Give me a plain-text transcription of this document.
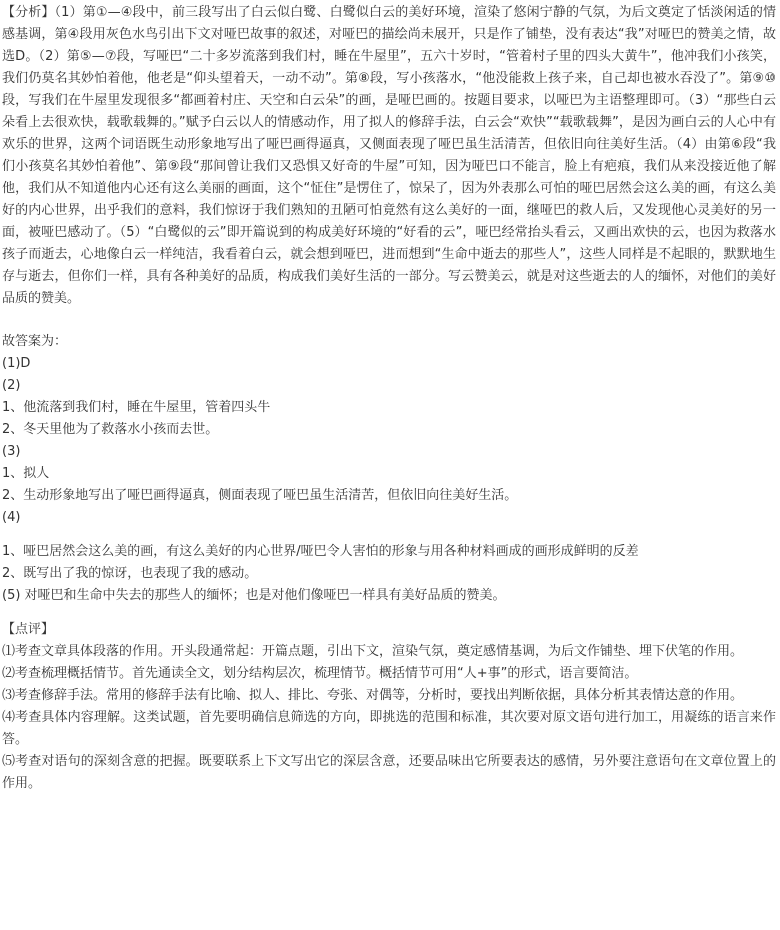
【分析】（1）第①—④段中，前三段写出了白云似白鹭、白鹭似白云的美好环境，渲染了悠闲宁静的气氛，为后文奠定了恬淡闲适的情感基调，第④段用灰色水鸟引出下文对哑巴故事的叙述，对哑巴的描绘尚未展开，只是作了铺垫，没有表达“我”对哑巴的赞美之情，故选D。（2）第⑤—⑦段，写哑巴“二十多岁流落到我们村，睡在牛屋里”，五六十岁时，“管着村子里的四头大黄牛”，他冲我们小孩笑，我们仍莫名其妙怕着他，他老是“仰头望着天，一动不动”。第⑧段，写小孩落水，“他没能救上孩子来，自己却也被水吞没了”。第⑨⑩段，写我们在牛屋里发现很多“都画着村庄、天空和白云朵”的画，是哑巴画的。按题目要求，以哑巴为主语整理即可。（3）“那些白云朵看上去很欢快，载歌载舞的。”赋予白云以人的情感动作，用了拟人的修辞手法，白云会“欢快”“载歌载舞”，是因为画白云的人心中有欢乐的世界，这两个词语既生动形象地写出了哑巴画得逼真，又侧面表现了哑巴虽生活清苦，但依旧向往美好生活。（4）由第⑥段“我们小孩莫名其妙怕着他”、第⑨段“那间曾让我们又恐惧又好奇的牛屋”可知，因为哑巴口不能言，脸上有疤痕，我们从来没接近他了解他，我们从不知道他内心还有这么美丽的画面，这个“怔住”是愣住了，惊呆了，因为外表那么可怕的哑巴居然会这么美的画，有这么美好的内心世界，出乎我们的意料，我们惊讶于我们熟知的丑陋可怕竟然有这么美好的一面，继哑巴的救人后，又发现他心灵美好的另一面，被哑巴感动了。（5）“白鹭似的云”即开篇说到的构成美好环境的“好看的云”，哑巴经常抬头看云，又画出欢快的云，也因为救落水孩子而逝去，心地像白云一样纯洁，我看着白云，就会想到哑巴，进而想到“生命中逝去的那些人”，这些人同样是不起眼的，默默地生存与逝去，但你们一样，具有各种美好的品质，构成我们美好生活的一部分。写云赞美云，就是对这些逝去的人的缅怀，对他们的美好品质的赞美。

故答案为：

(1)D

(2)

1、他流落到我们村，睡在牛屋里，管着四头牛

2、冬天里他为了救落水小孩而去世。

(3)

1、拟人

2、生动形象地写出了哑巴画得逼真，侧面表现了哑巴虽生活清苦，但依旧向往美好生活。

(4)

1、哑巴居然会这么美的画，有这么美好的内心世界/哑巴令人害怕的形象与用各种材料画成的画形成鲜明的反差

2、既写出了我的惊讶，也表现了我的感动。

(5) 对哑巴和生命中失去的那些人的缅怀；也是对他们像哑巴一样具有美好品质的赞美。

【点评】

⑴考查文章具体段落的作用。开头段通常起：开篇点题，引出下文，渲染气氛，奠定感情基调，为后文作铺垫、埋下伏笔的作用。

⑵考查梳理概括情节。首先通读全文，划分结构层次，梳理情节。概括情节可用“人+事”的形式，语言要简洁。

⑶考查修辞手法。常用的修辞手法有比喻、拟人、排比、夸张、对偶等，分析时，要找出判断依据，具体分析其表情达意的作用。

⑷考查具体内容理解。这类试题，首先要明确信息筛选的方向，即挑选的范围和标准，其次要对原文语句进行加工，用凝练的语言来作答。

⑸考查对语句的深刻含意的把握。既要联系上下文写出它的深层含意，还要品味出它所要表达的感情，另外要注意语句在文章位置上的作用。
